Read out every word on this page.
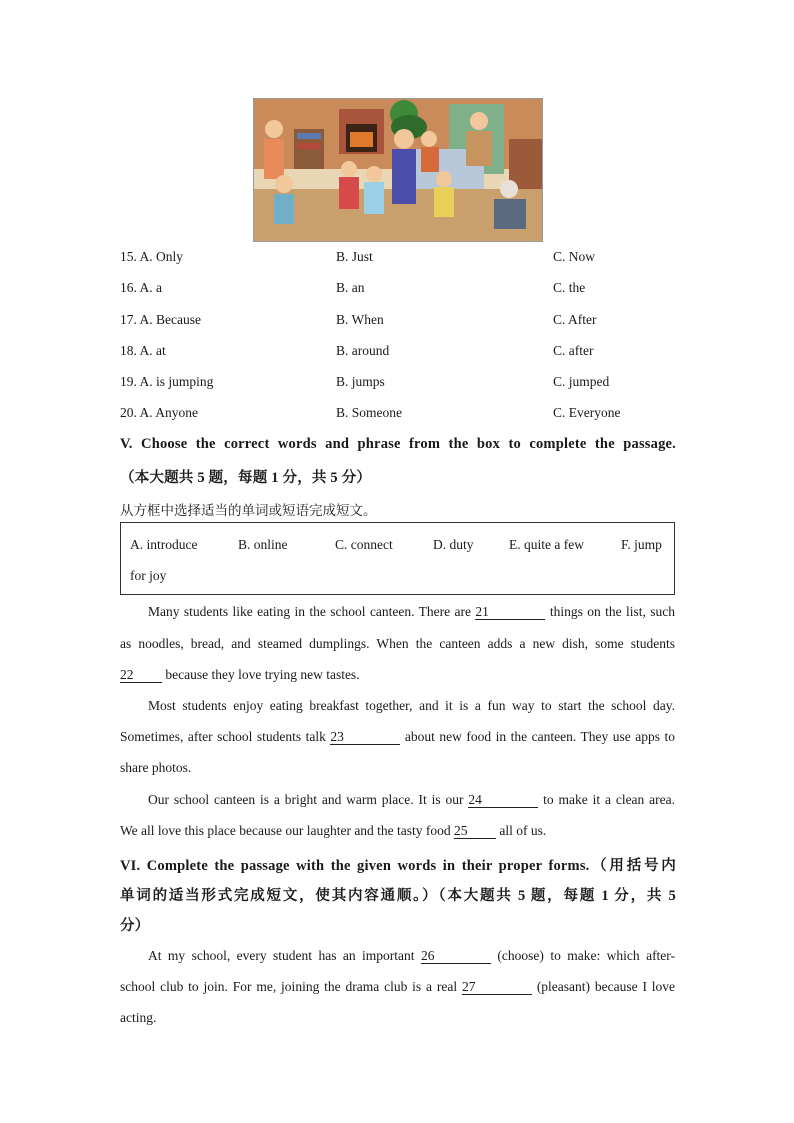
15. A. Only	B. Just	C. Now
16. A. a	B. an	C. the
17. A. Because	B. When	C. After
18. A. at	B. around	C. after
19. A. is jumping	B. jumps	C. jumped
20. A. Anyone	B. Someone	C. Everyone
V. Choose the correct words and phrase from the box to complete the passage.
（本大题共 5 题，每题 1 分，共 5 分）
从方框中选择适当的单词或短语完成短文。
A. introduce	B. online	C. connect	D. duty	E. quite a few	F. jump
for joy
Many students like eating in the school canteen. There are 21	things on the list, such
as noodles, bread, and steamed dumplings. When the canteen adds a new dish, some students
22 because they love trying new tastes.
Most students enjoy eating breakfast together, and it is a fun way to start the school day.
Sometimes, after school students talk 23	about new food in the canteen. They use apps to
share photos.
Our school canteen is a bright and warm place. It is our 24	to make it a clean area.
We all love this place because our laughter and the tasty food 25 all of us.
VI. Complete the passage with the given words in their proper forms.（用括号内
单词的适当形式完成短文，使其内容通顺。）（本大题共 5 题，每题 1 分，共 5
分）
At my school, every student has an important 26	(choose) to make: which after-
school club to join. For me, joining the drama club is a real 27	(pleasant) because I love
acting.
